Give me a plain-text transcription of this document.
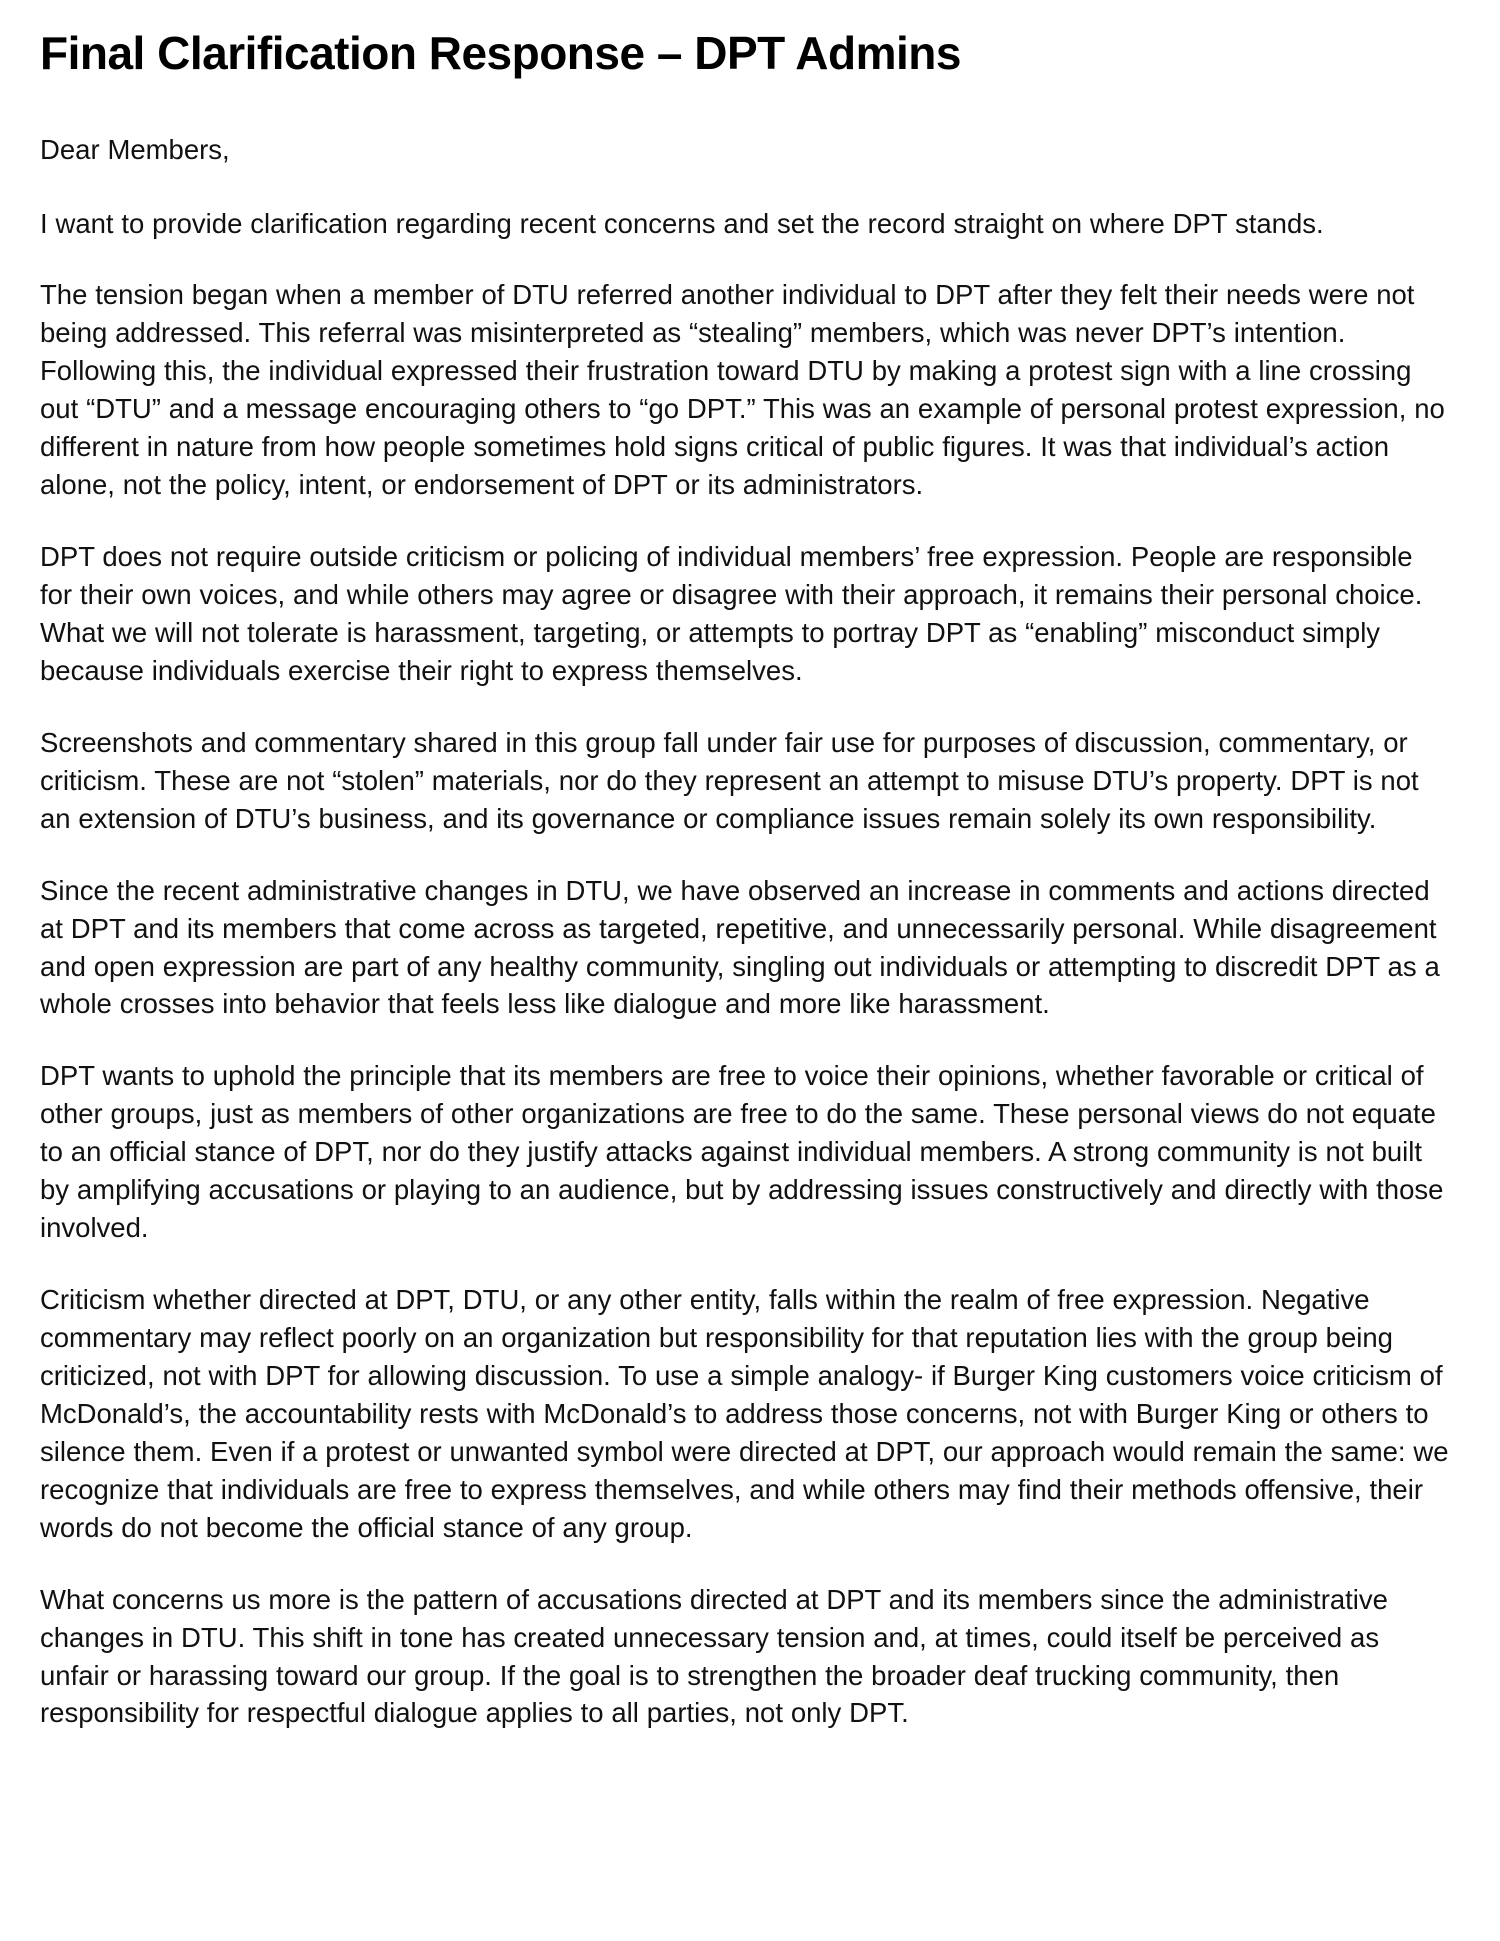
Final Clarification Response – DPT Admins

Dear Members,

I want to provide clarification regarding recent concerns and set the record straight on where DPT stands.

The tension began when a member of DTU referred another individual to DPT after they felt their needs were not being addressed. This referral was misinterpreted as “stealing” members, which was never DPT’s intention. Following this, the individual expressed their frustration toward DTU by making a protest sign with a line crossing out “DTU” and a message encouraging others to “go DPT.” This was an example of personal protest expression, no different in nature from how people sometimes hold signs critical of public figures. It was that individual’s action alone, not the policy, intent, or endorsement of DPT or its administrators.

DPT does not require outside criticism or policing of individual members’ free expression. People are responsible for their own voices, and while others may agree or disagree with their approach, it remains their personal choice. What we will not tolerate is harassment, targeting, or attempts to portray DPT as “enabling” misconduct simply because individuals exercise their right to express themselves.

Screenshots and commentary shared in this group fall under fair use for purposes of discussion, commentary, or criticism. These are not “stolen” materials, nor do they represent an attempt to misuse DTU’s property. DPT is not an extension of DTU’s business, and its governance or compliance issues remain solely its own responsibility.

Since the recent administrative changes in DTU, we have observed an increase in comments and actions directed at DPT and its members that come across as targeted, repetitive, and unnecessarily personal. While disagreement and open expression are part of any healthy community, singling out individuals or attempting to discredit DPT as a whole crosses into behavior that feels less like dialogue and more like harassment.

DPT wants to uphold the principle that its members are free to voice their opinions, whether favorable or critical of other groups, just as members of other organizations are free to do the same. These personal views do not equate to an official stance of DPT, nor do they justify attacks against individual members. A strong community is not built by amplifying accusations or playing to an audience, but by addressing issues constructively and directly with those involved.

Criticism whether directed at DPT, DTU, or any other entity, falls within the realm of free expression. Negative commentary may reflect poorly on an organization but responsibility for that reputation lies with the group being criticized, not with DPT for allowing discussion. To use a simple analogy- if Burger King customers voice criticism of McDonald’s, the accountability rests with McDonald’s to address those concerns, not with Burger King or others to silence them. Even if a protest or unwanted symbol were directed at DPT, our approach would remain the same: we recognize that individuals are free to express themselves, and while others may find their methods offensive, their words do not become the official stance of any group.

What concerns us more is the pattern of accusations directed at DPT and its members since the administrative changes in DTU. This shift in tone has created unnecessary tension and, at times, could itself be perceived as unfair or harassing toward our group. If the goal is to strengthen the broader deaf trucking community, then responsibility for respectful dialogue applies to all parties, not only DPT.
